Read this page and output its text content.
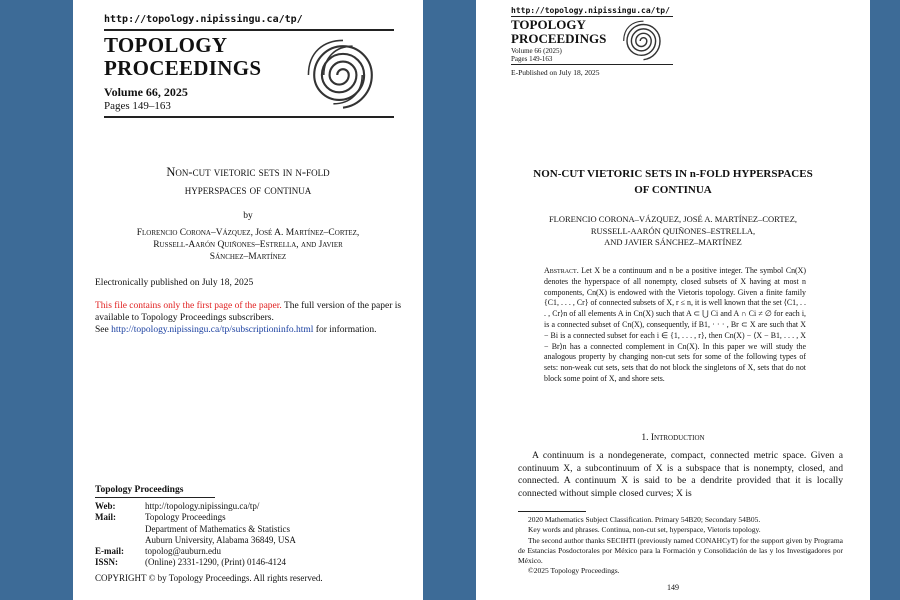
http://topology.nipissingu.ca/tp/
TOPOLOGY
PROCEEDINGS
Volume 66, 2025
Pages 149–163
Non-cut vietoric sets in n-fold
hyperspaces of continua
by
Florencio Corona–Vázquez, José A. Martínez–Cortez,
Russell-Aarón Quiñones–Estrella, and Javier
Sánchez–Martínez
Electronically published on July 18, 2025
This file contains only the first page of the paper. The full version of the paper is available to Topology Proceedings subscribers.
See http://topology.nipissingu.ca/tp/subscriptioninfo.html for information.
Topology Proceedings
Web:	http://topology.nipissingu.ca/tp/
Mail:	Topology Proceedings
Department of Mathematics & Statistics
Auburn University, Alabama 36849, USA
E-mail:	topolog@auburn.edu
ISSN:	(Online) 2331-1290, (Print) 0146-4124
COPYRIGHT © by Topology Proceedings. All rights reserved.
http://topology.nipissingu.ca/tp/
TOPOLOGY
PROCEEDINGS
Volume 66 (2025)
Pages 149-163
E-Published on July 18, 2025
NON-CUT VIETORIC SETS IN n-FOLD HYPERSPACES
OF CONTINUA
FLORENCIO CORONA–VÁZQUEZ, JOSÉ A. MARTÍNEZ–CORTEZ,
RUSSELL-AARÓN QUIÑONES–ESTRELLA,
AND JAVIER SÁNCHEZ–MARTÍNEZ
Abstract. Let X be a continuum and n be a positive integer. The symbol Cn(X) denotes the hyperspace of all nonempty, closed subsets of X having at most n components, Cn(X) is endowed with the Vietoris topology. Given a finite family {C1, . . . , Cr} of connected subsets of X, r ≤ n, it is well known that the set ⟨C1, . . . , Cr⟩n of all elements A in Cn(X) such that A ⊂ ⋃ Ci and A ∩ Ci ≠ ∅ for each i, is a connected subset of Cn(X), consequently, if B1, · · · , Br ⊂ X are such that X − Bi is a connected subset for each i ∈ {1, . . . , r}, then Cn(X) − ⟨X − B1, . . . , X − Br⟩n has a connected complement in Cn(X). In this paper we will study the analogous property by changing non-cut sets for some of the following types of sets: non-weak cut sets, sets that do not block the singletons of X, sets that do not block some point of X, and shore sets.
1. Introduction
A continuum is a nondegenerate, compact, connected metric space. Given a continuum X, a subcontinuum of X is a subspace that is nonempty, closed, and connected. A continuum X is said to be a dendrite provided that it is locally connected without simple closed curves; X is

2020 Mathematics Subject Classification. Primary 54B20; Secondary 54B05.

Key words and phrases. Continua, non-cut set, hyperspace, Vietoris topology.

The second author thanks SECIHTI (previously named CONAHCyT) for the support given by Programa de Estancias Posdoctorales por México para la Formación y Consolidación de las y los Investigadores por México.

©2025 Topology Proceedings.

149
